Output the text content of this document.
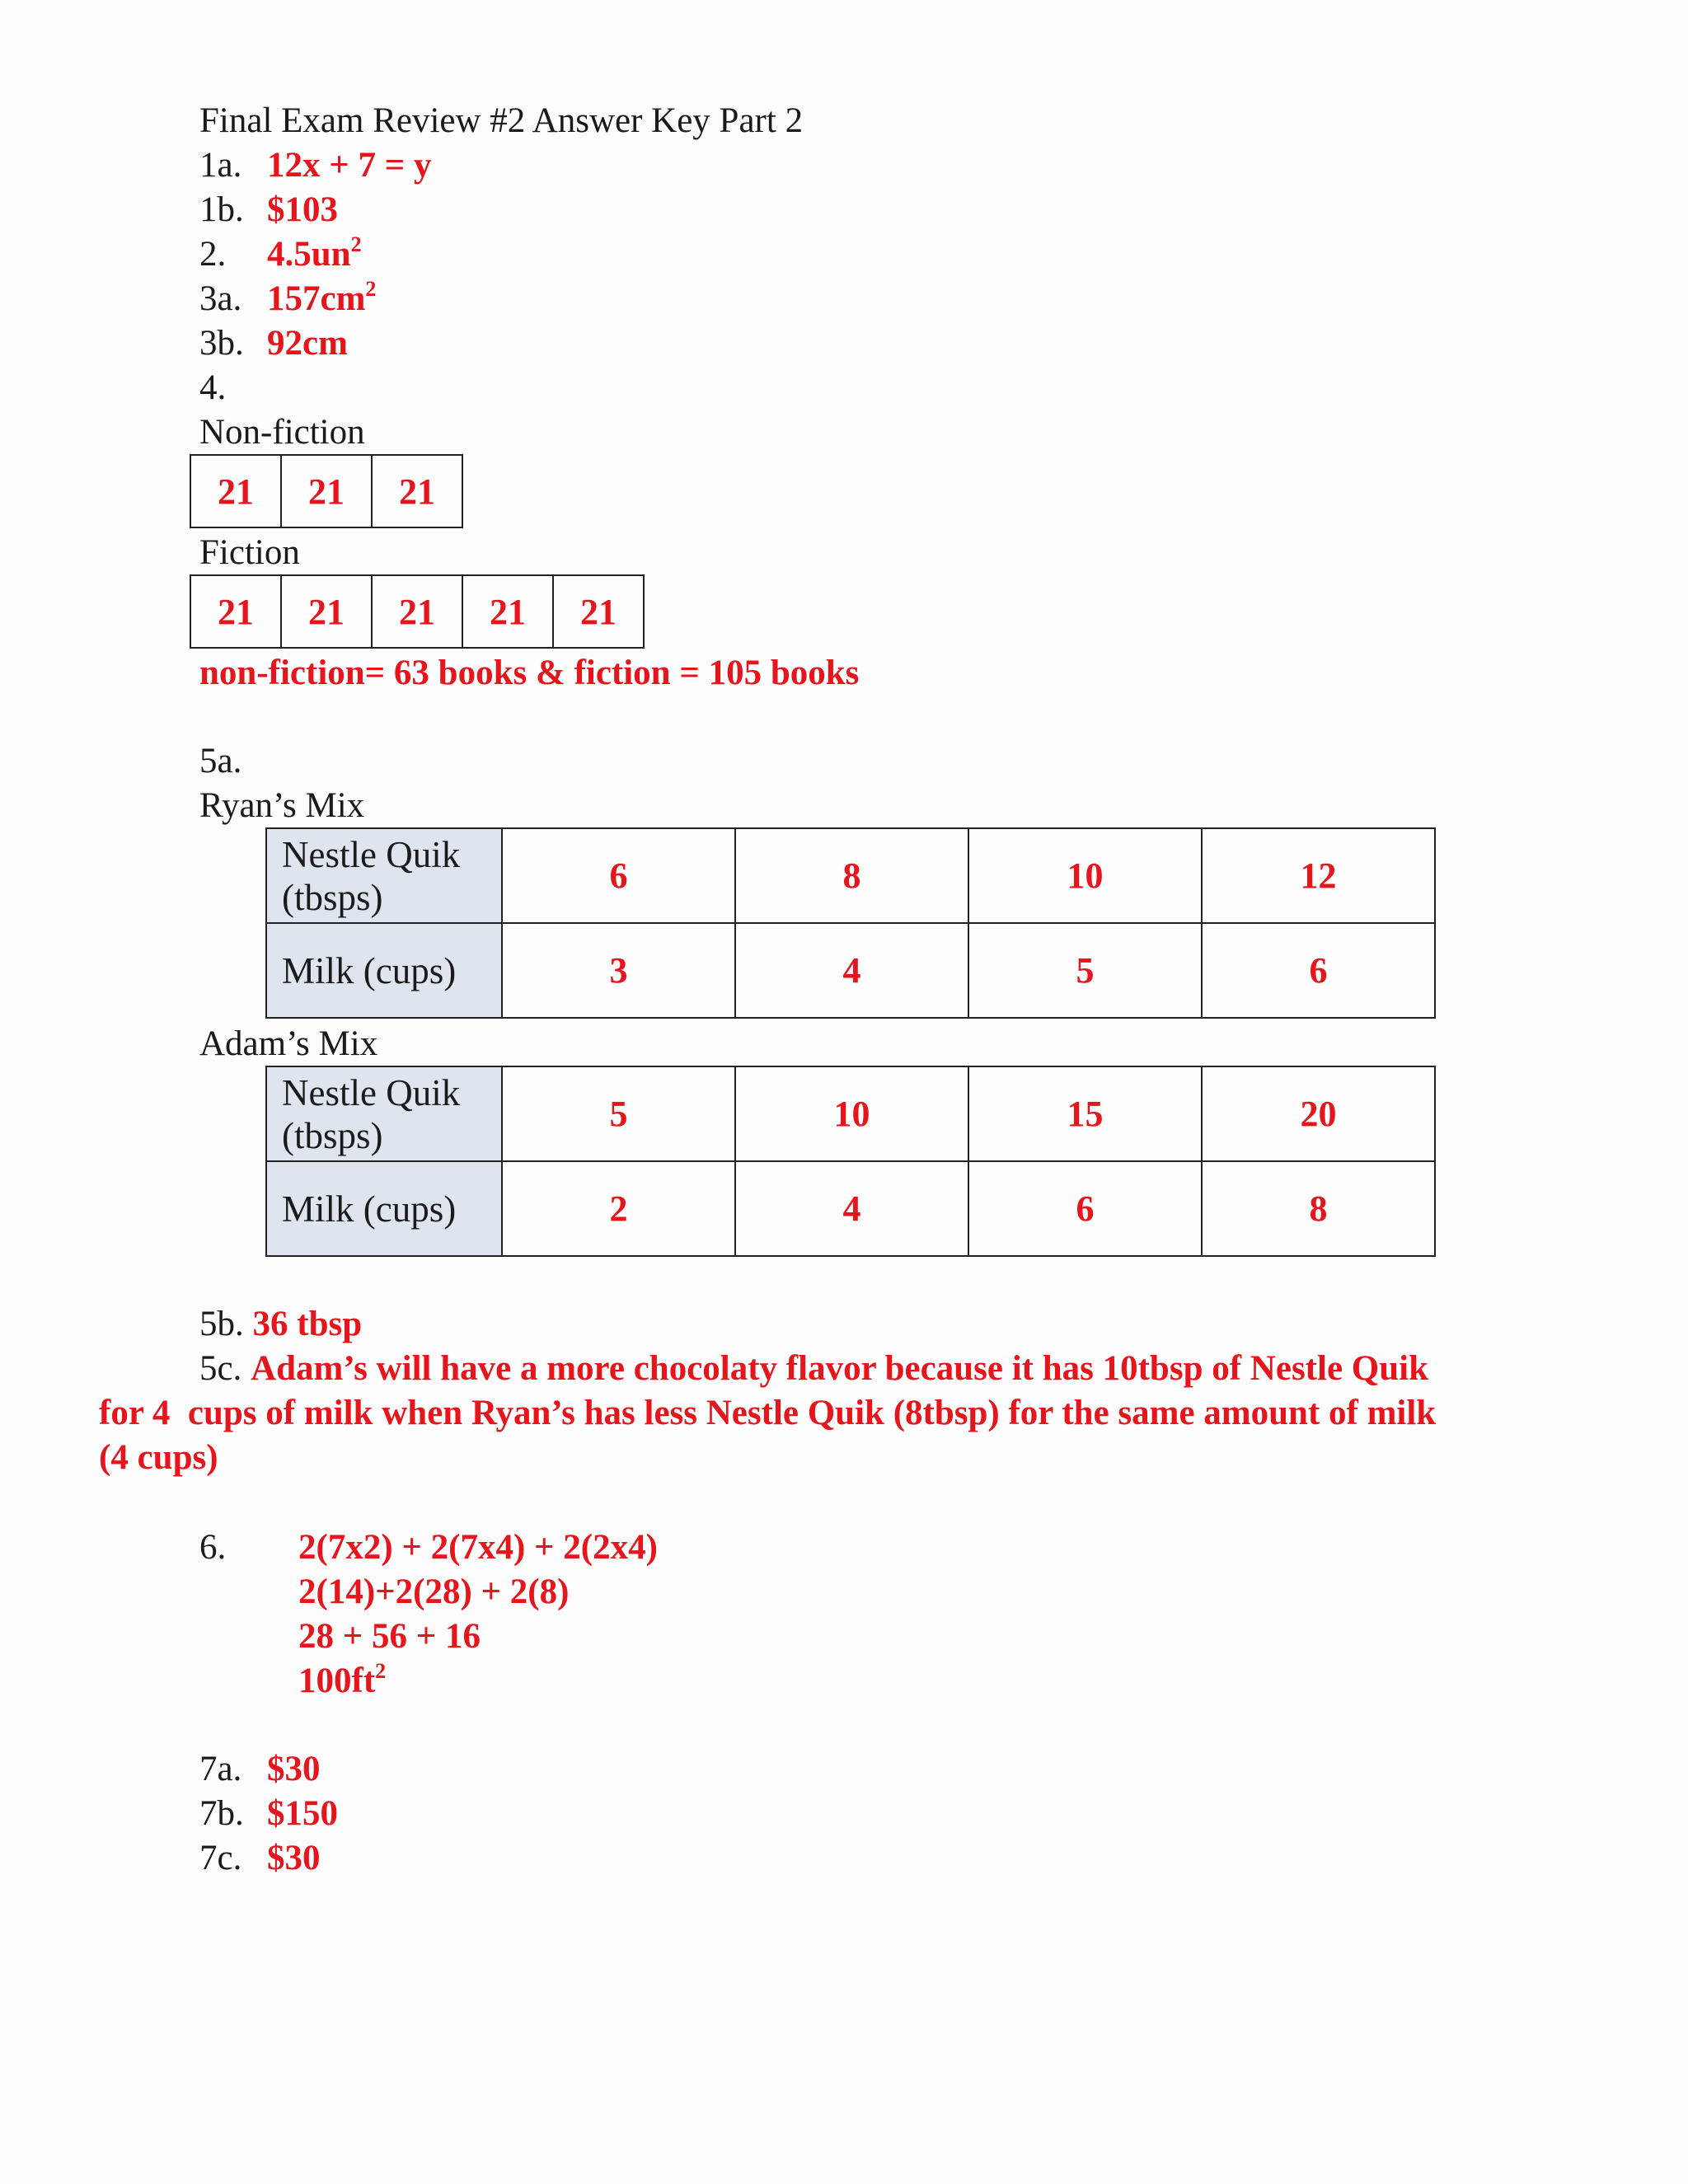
Final Exam Review #2 Answer Key Part 2
1a. 12x + 7 = y
1b. $103
2. $4.5un^2$
3a. $157cm^2$
3b. 92cm
4.
Non-fiction
21	21	21
Fiction
21	21	21	21	21
non-fiction= 63 books & fiction = 105 books
5a.
Ryan’s Mix
Nestle Quik
(tbsps)	6	8	10	12
Milk (cups)	3	4	5	6
Adam’s Mix
Nestle Quik
(tbsps)	5	10	15	20
Milk (cups)	2	4	6	8
5b. 36 tbsp
5c. Adam’s will have a more chocolaty flavor because it has 10tbsp of Nestle Quik
for 4  cups of milk when Ryan’s has less Nestle Quik (8tbsp) for the same amount of milk
(4 cups)
6. 2(7x2) + 2(7x4) + 2(2x4)
2(14)+2(28) + 2(8)
28 + 56 + 16
$100ft^2$
7a. $30
7b. $150
7c. $30
